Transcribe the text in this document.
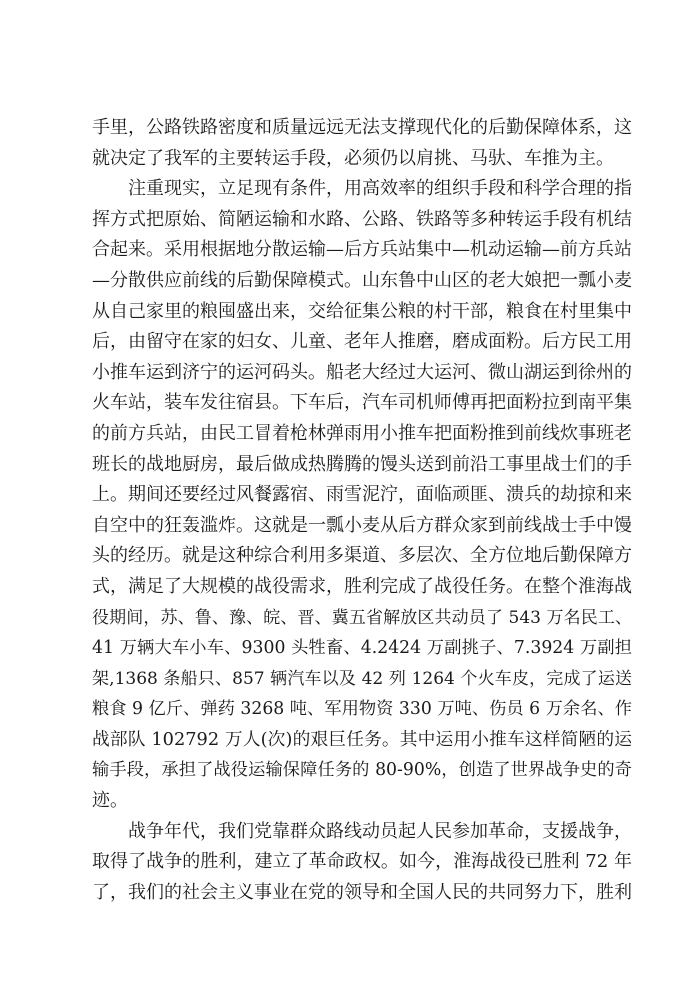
手里，公路铁路密度和质量远远无法支撑现代化的后勤保障体系，这
就决定了我军的主要转运手段，必须仍以肩挑、马驮、车推为主。
注重现实，立足现有条件，用高效率的组织手段和科学合理的指
挥方式把原始、简陋运输和水路、公路、铁路等多种转运手段有机结
合起来。采用根据地分散运输—后方兵站集中—机动运输—前方兵站
—分散供应前线的后勤保障模式。山东鲁中山区的老大娘把一瓢小麦
从自己家里的粮囤盛出来，交给征集公粮的村干部，粮食在村里集中
后，由留守在家的妇女、儿童、老年人推磨，磨成面粉。后方民工用
小推车运到济宁的运河码头。船老大经过大运河、微山湖运到徐州的
火车站，装车发往宿县。下车后，汽车司机师傅再把面粉拉到南平集
的前方兵站，由民工冒着枪林弹雨用小推车把面粉推到前线炊事班老
班长的战地厨房，最后做成热腾腾的馒头送到前沿工事里战士们的手
上。期间还要经过风餐露宿、雨雪泥泞，面临顽匪、溃兵的劫掠和来
自空中的狂轰滥炸。这就是一瓢小麦从后方群众家到前线战士手中馒
头的经历。就是这种综合利用多渠道、多层次、全方位地后勤保障方
式，满足了大规模的战役需求，胜利完成了战役任务。在整个淮海战
役期间，苏、鲁、豫、皖、晋、冀五省解放区共动员了 543 万名民工、
41 万辆大车小车、9300 头牲畜、4.2424 万副挑子、7.3924 万副担
架,1368 条船只、857 辆汽车以及 42 列 1264 个火车皮，完成了运送
粮食 9 亿斤、弹药 3268 吨、军用物资 330 万吨、伤员 6 万余名、作
战部队 102792 万人(次)的艰巨任务。其中运用小推车这样简陋的运
输手段，承担了战役运输保障任务的 80-90%，创造了世界战争史的奇
迹。
战争年代，我们党靠群众路线动员起人民参加革命，支援战争，
取得了战争的胜利，建立了革命政权。如今，淮海战役已胜利 72 年
了，我们的社会主义事业在党的领导和全国人民的共同努力下，胜利
